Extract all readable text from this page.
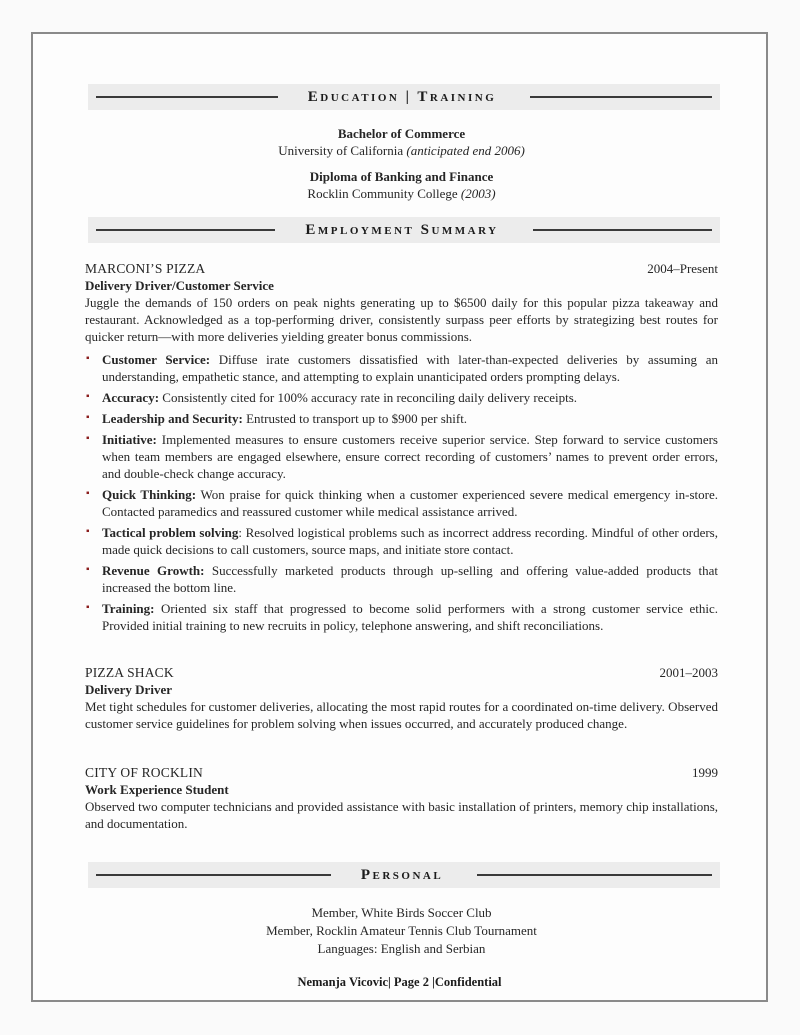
Education | Training
Bachelor of Commerce
University of California (anticipated end 2006)
Diploma of Banking and Finance
Rocklin Community College (2003)
Employment Summary
MARCONI’S PIZZA	2004–Present
Delivery Driver/Customer Service

Juggle the demands of 150 orders on peak nights generating up to $6500 daily for this popular pizza takeaway and restaurant. Acknowledged as a top-performing driver, consistently surpass peer efforts by strategizing best routes for quicker return—with more deliveries yielding greater bonus commissions.

▪ Customer Service: Diffuse irate customers dissatisfied with later-than-expected deliveries by assuming an understanding, empathetic stance, and attempting to explain unanticipated orders prompting delays.
▪ Accuracy: Consistently cited for 100% accuracy rate in reconciling daily delivery receipts.
▪ Leadership and Security: Entrusted to transport up to $900 per shift.
▪ Initiative: Implemented measures to ensure customers receive superior service. Step forward to service customers when team members are engaged elsewhere, ensure correct recording of customers’ names to prevent order errors, and double-check change accuracy.
▪ Quick Thinking: Won praise for quick thinking when a customer experienced severe medical emergency in-store. Contacted paramedics and reassured customer while medical assistance arrived.
▪ Tactical problem solving: Resolved logistical problems such as incorrect address recording. Mindful of other orders, made quick decisions to call customers, source maps, and initiate store contact.
▪ Revenue Growth: Successfully marketed products through up-selling and offering value-added products that increased the bottom line.
▪ Training: Oriented six staff that progressed to become solid performers with a strong customer service ethic. Provided initial training to new recruits in policy, telephone answering, and shift reconciliations.
PIZZA SHACK	2001–2003
Delivery Driver

Met tight schedules for customer deliveries, allocating the most rapid routes for a coordinated on-time delivery. Observed customer service guidelines for problem solving when issues occurred, and accurately produced change.

CITY OF ROCKLIN	1999
Work Experience Student

Observed two computer technicians and provided assistance with basic installation of printers, memory chip installations, and documentation.

Personal
Member, White Birds Soccer Club
Member, Rocklin Amateur Tennis Club Tournament
Languages: English and Serbian
Nemanja Vicovic| Page 2 |Confidential
